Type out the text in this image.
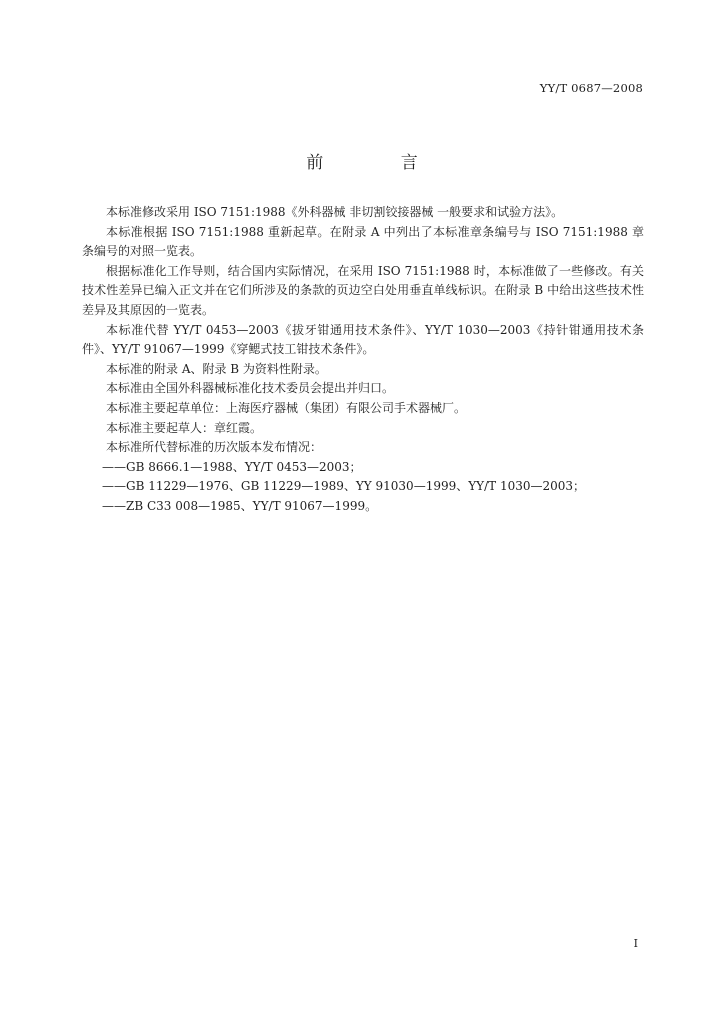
YY/T 0687—2008
前 言

本标准修改采用 ISO 7151:1988《外科器械 非切割铰接器械 一般要求和试验方法》。

本标准根据 ISO 7151:1988 重新起草。在附录 A 中列出了本标准章条编号与 ISO 7151:1988 章条编号的对照一览表。

根据标准化工作导则，结合国内实际情况，在采用 ISO 7151:1988 时，本标准做了一些修改。有关技术性差异已编入正文并在它们所涉及的条款的页边空白处用垂直单线标识。在附录 B 中给出这些技术性差异及其原因的一览表。

本标准代替 YY/T 0453—2003《拔牙钳通用技术条件》、YY/T 1030—2003《持针钳通用技术条件》、YY/T 91067—1999《穿鳃式技工钳技术条件》。

本标准的附录 A、附录 B 为资料性附录。

本标准由全国外科器械标准化技术委员会提出并归口。

本标准主要起草单位：上海医疗器械（集团）有限公司手术器械厂。

本标准主要起草人：章红霞。

本标准所代替标准的历次版本发布情况：

——GB 8666.1—1988、YY/T 0453—2003；

——GB 11229—1976、GB 11229—1989、YY 91030—1999、YY/T 1030—2003；

——ZB C33 008—1985、YY/T 91067—1999。

I
